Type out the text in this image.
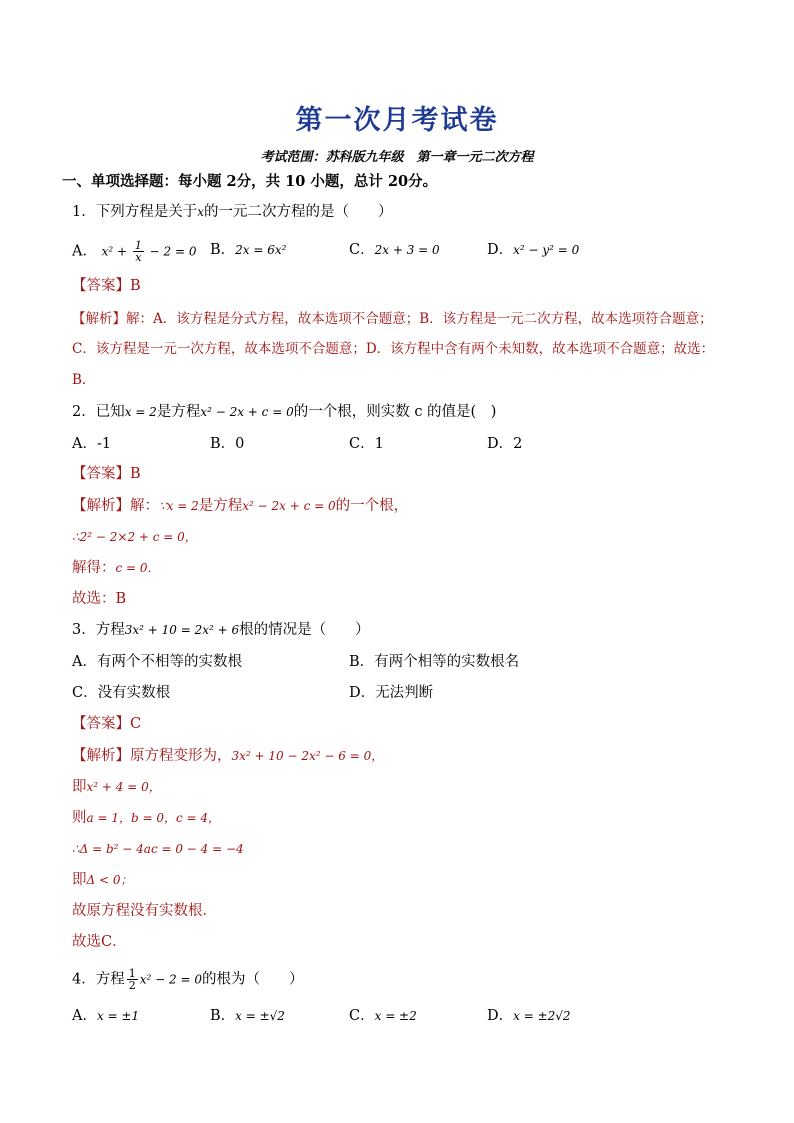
第一次月考试卷
考试范围：苏科版九年级　第一章一元二次方程
一、单项选择题：每小题 2分，共 10 小题，总计 20分。
1．下列方程是关于x的一元二次方程的是（　　）
A． $x^2 + \frac{1}{x} - 2 = 0$ B．2x = 6x²	C．2x + 3 = 0	D．x² − y² = 0
【答案】B
【解析】解：A．该方程是分式方程，故本选项不合题意；B．该方程是一元二次方程，故本选项符合题意；
C．该方程是一元一次方程，故本选项不合题意；D．该方程中含有两个未知数，故本选项不合题意；故选：
B．
2．已知x = 2是方程x² − 2x + c = 0的一个根，则实数 c 的值是(　)
A．-1	B．0	C．1	D．2
【答案】B
【解析】解：∵x = 2是方程x² − 2x + c = 0的一个根，
∴2² − 2×2 + c = 0，
解得：c = 0．
故选：B
3．方程3x² + 10 = 2x² + 6根的情况是（　　）
A．有两个不相等的实数根	B．有两个相等的实数根名
C．没有实数根	D．无法判断
【答案】C
【解析】原方程变形为，3x² + 10 − 2x² − 6 = 0，
即x² + 4 = 0，
则a = 1，b = 0，c = 4，
∴Δ = b² − 4ac = 0 − 4 = −4
即Δ < 0；
故原方程没有实数根．
故选C．
4．方程 $\frac{1}{2} x^2 - 2 = 0$的根为（　　）
A．x = ±1	B．x = ±√2	C．x = ±2	D．x = ±2√2
